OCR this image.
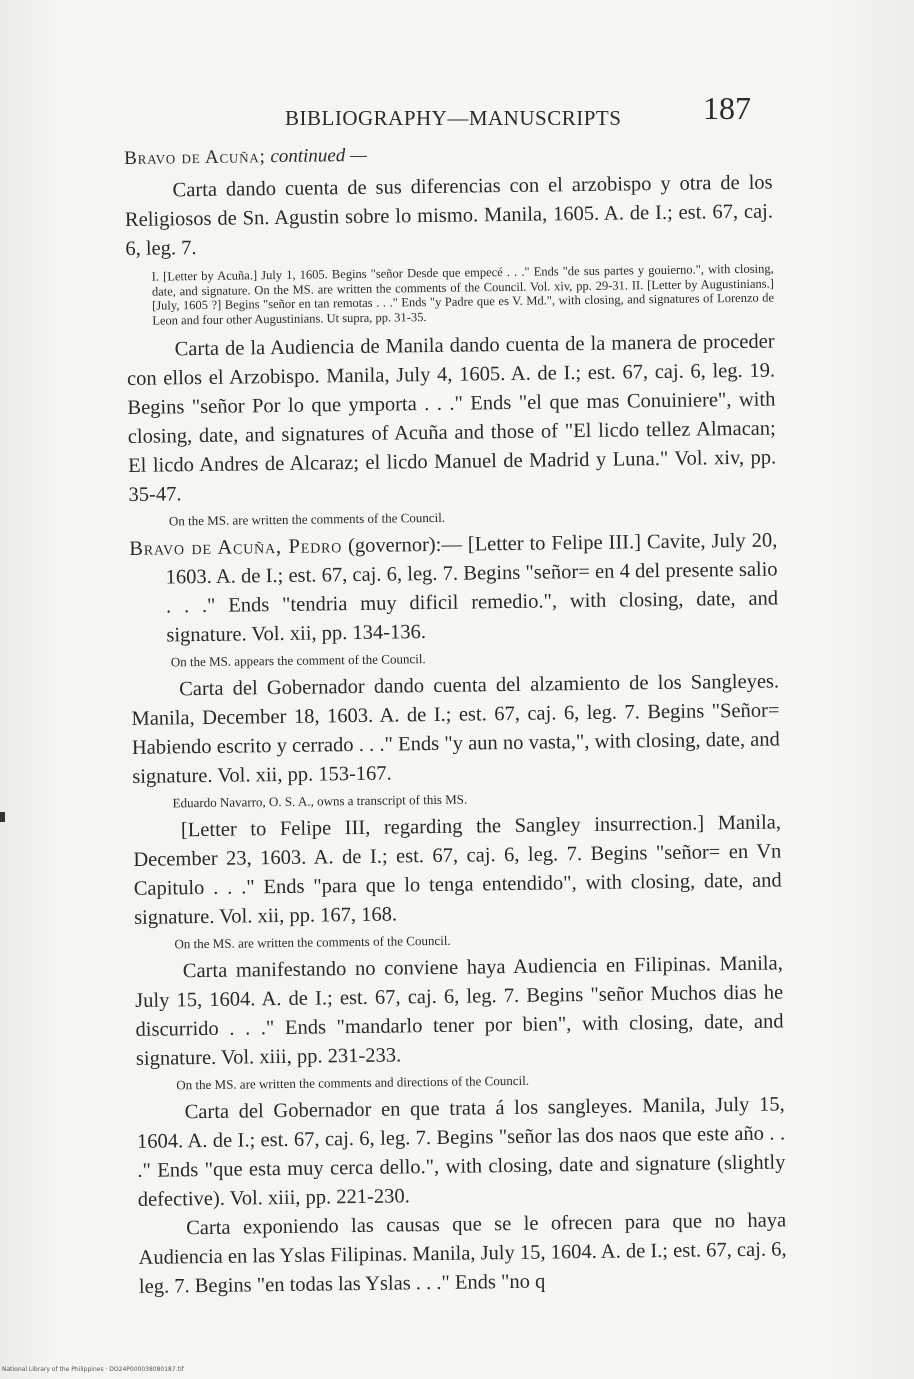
BIBLIOGRAPHY—MANUSCRIPTS	187

Bravo de Acuña; continued —

Carta dando cuenta de sus diferencias con el arzobispo y otra de los Religiosos de Sn. Agustin sobre lo mismo. Manila, 1605. A. de I.; est. 67, caj. 6, leg. 7.

I. [Letter by Acuña.] July 1, 1605. Begins "señor Desde que empecé . . ." Ends "de sus partes y gouierno.", with closing, date, and signature. On the MS. are written the comments of the Council. Vol. xiv, pp. 29-31. II. [Letter by Augustinians.] [July, 1605 ?] Begins "señor en tan remotas . . ." Ends "y Padre que es V. Md.", with closing, and signatures of Lorenzo de Leon and four other Augustinians. Ut supra, pp. 31-35.

Carta de la Audiencia de Manila dando cuenta de la manera de proceder con ellos el Arzobispo. Manila, July 4, 1605. A. de I.; est. 67, caj. 6, leg. 19. Begins "señor Por lo que ymporta . . ." Ends "el que mas Conuiniere", with closing, date, and signatures of Acuña and those of "El licdo tellez Almacan; El licdo Andres de Alcaraz; el licdo Manuel de Madrid y Luna." Vol. xiv, pp. 35-47.

On the MS. are written the comments of the Council.

Bravo de Acuña, Pedro (governor):— [Letter to Felipe III.] Cavite, July 20, 1603. A. de I.; est. 67, caj. 6, leg. 7. Begins "señor= en 4 del presente salio . . ." Ends "tendria muy dificil remedio.", with closing, date, and signature. Vol. xii, pp. 134-136.

On the MS. appears the comment of the Council.

Carta del Gobernador dando cuenta del alzamiento de los Sangleyes. Manila, December 18, 1603. A. de I.; est. 67, caj. 6, leg. 7. Begins "Señor= Habiendo escrito y cerrado . . ." Ends "y aun no vasta,", with closing, date, and signature. Vol. xii, pp. 153-167.

Eduardo Navarro, O. S. A., owns a transcript of this MS.

[Letter to Felipe III, regarding the Sangley insurrection.] Manila, December 23, 1603. A. de I.; est. 67, caj. 6, leg. 7. Begins "señor= en Vn Capitulo . . ." Ends "para que lo tenga entendido", with closing, date, and signature. Vol. xii, pp. 167, 168.

On the MS. are written the comments of the Council.

Carta manifestando no conviene haya Audiencia en Filipinas. Manila, July 15, 1604. A. de I.; est. 67, caj. 6, leg. 7. Begins "señor Muchos dias he discurrido . . ." Ends "mandarlo tener por bien", with closing, date, and signature. Vol. xiii, pp. 231-233.

On the MS. are written the comments and directions of the Council.

Carta del Gobernador en que trata á los sangleyes. Manila, July 15, 1604. A. de I.; est. 67, caj. 6, leg. 7. Begins "señor las dos naos que este año . . ." Ends "que esta muy cerca dello.", with closing, date and signature (slightly defective). Vol. xiii, pp. 221-230.

Carta exponiendo las causas que se le ofrecen para que no haya Audiencia en las Yslas Filipinas. Manila, July 15, 1604. A. de I.; est. 67, caj. 6, leg. 7. Begins "en todas las Yslas . . ." Ends "no q

National Library of the Philippines · DO24P000038080187.tif
